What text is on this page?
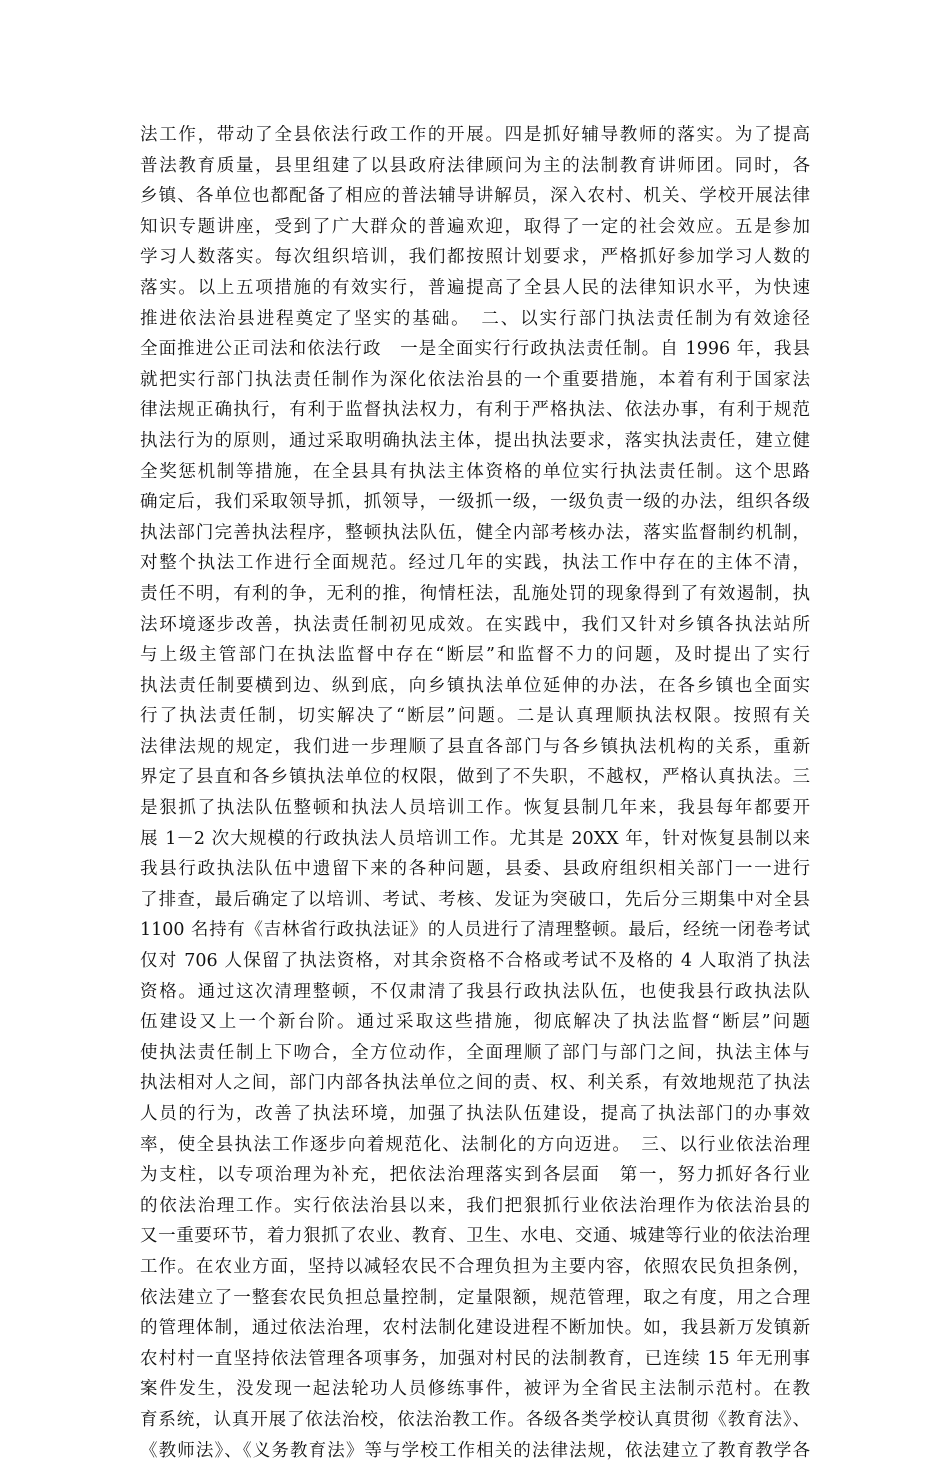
法工作，带动了全县依法行政工作的开展。四是抓好辅导教师的落实。为了提高
普法教育质量，县里组建了以县政府法律顾问为主的法制教育讲师团。同时，各
乡镇、各单位也都配备了相应的普法辅导讲解员，深入农村、机关、学校开展法律
知识专题讲座，受到了广大群众的普遍欢迎，取得了一定的社会效应。五是参加
学习人数落实。每次组织培训，我们都按照计划要求，严格抓好参加学习人数的
落实。以上五项措施的有效实行，普遍提高了全县人民的法律知识水平，为快速
推进依法治县进程奠定了坚实的基础。　二、以实行部门执法责任制为有效途径
全面推进公正司法和依法行政　一是全面实行行政执法责任制。自 1996 年，我县
就把实行部门执法责任制作为深化依法治县的一个重要措施，本着有利于国家法
律法规正确执行，有利于监督执法权力，有利于严格执法、依法办事，有利于规范
执法行为的原则，通过采取明确执法主体，提出执法要求，落实执法责任，建立健
全奖惩机制等措施，在全县具有执法主体资格的单位实行执法责任制。这个思路
确定后，我们采取领导抓，抓领导，一级抓一级，一级负责一级的办法，组织各级
执法部门完善执法程序，整顿执法队伍，健全内部考核办法，落实监督制约机制，
对整个执法工作进行全面规范。经过几年的实践，执法工作中存在的主体不清，
责任不明，有利的争，无利的推，徇情枉法，乱施处罚的现象得到了有效遏制，执
法环境逐步改善，执法责任制初见成效。在实践中，我们又针对乡镇各执法站所
与上级主管部门在执法监督中存在“断层”和监督不力的问题，及时提出了实行
执法责任制要横到边、纵到底，向乡镇执法单位延伸的办法，在各乡镇也全面实
行了执法责任制，切实解决了“断层”问题。二是认真理顺执法权限。按照有关
法律法规的规定，我们进一步理顺了县直各部门与各乡镇执法机构的关系，重新
界定了县直和各乡镇执法单位的权限，做到了不失职，不越权，严格认真执法。三
是狠抓了执法队伍整顿和执法人员培训工作。恢复县制几年来，我县每年都要开
展 1－2 次大规模的行政执法人员培训工作。尤其是 20XX 年，针对恢复县制以来
我县行政执法队伍中遗留下来的各种问题，县委、县政府组织相关部门一一进行
了排查，最后确定了以培训、考试、考核、发证为突破口，先后分三期集中对全县
1100 名持有《吉林省行政执法证》的人员进行了清理整顿。最后，经统一闭卷考试
仅对 706 人保留了执法资格，对其余资格不合格或考试不及格的 4 人取消了执法
资格。通过这次清理整顿，不仅肃清了我县行政执法队伍，也使我县行政执法队
伍建设又上一个新台阶。通过采取这些措施，彻底解决了执法监督“断层”问题
使执法责任制上下吻合，全方位动作，全面理顺了部门与部门之间，执法主体与
执法相对人之间，部门内部各执法单位之间的责、权、利关系，有效地规范了执法
人员的行为，改善了执法环境，加强了执法队伍建设，提高了执法部门的办事效
率，使全县执法工作逐步向着规范化、法制化的方向迈进。　三、以行业依法治理
为支柱，以专项治理为补充，把依法治理落实到各层面　第一，努力抓好各行业
的依法治理工作。实行依法治县以来，我们把狠抓行业依法治理作为依法治县的
又一重要环节，着力狠抓了农业、教育、卫生、水电、交通、城建等行业的依法治理
工作。在农业方面，坚持以减轻农民不合理负担为主要内容，依照农民负担条例，
依法建立了一整套农民负担总量控制，定量限额，规范管理，取之有度，用之合理
的管理体制，通过依法治理，农村法制化建设进程不断加快。如，我县新万发镇新
农村村一直坚持依法管理各项事务，加强对村民的法制教育，已连续 15 年无刑事
案件发生，没发现一起法轮功人员修练事件，被评为全省民主法制示范村。在教
育系统，认真开展了依法治校，依法治教工作。各级各类学校认真贯彻《教育法》、
《教师法》、《义务教育法》等与学校工作相关的法律法规，依法建立了教育教学各
